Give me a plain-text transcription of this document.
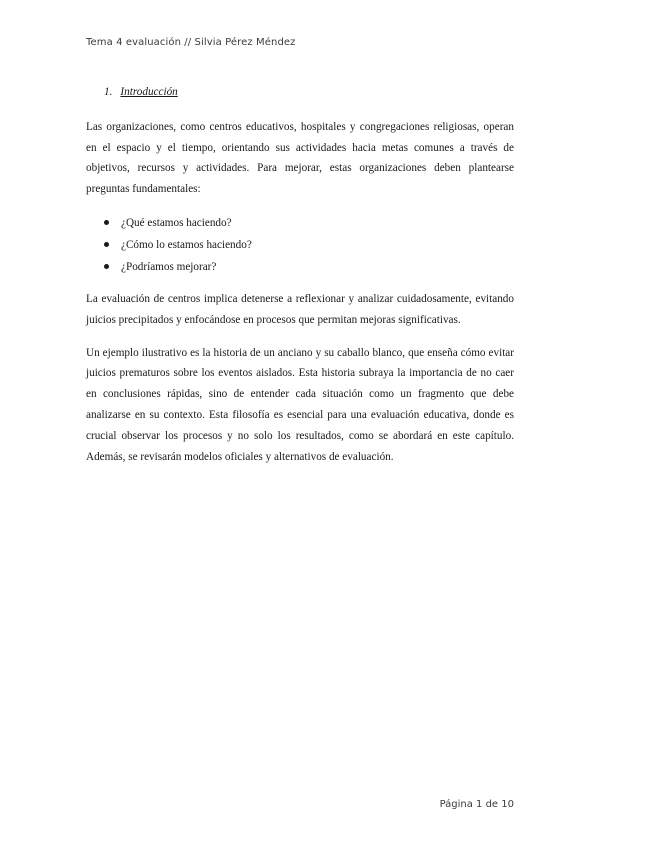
Tema 4 evaluación // Silvia Pérez Méndez
1. Introducción

Las organizaciones, como centros educativos, hospitales y congregaciones religiosas, operan en el espacio y el tiempo, orientando sus actividades hacia metas comunes a través de objetivos, recursos y actividades. Para mejorar, estas organizaciones deben plantearse preguntas fundamentales:

¿Qué estamos haciendo?
¿Cómo lo estamos haciendo?
¿Podríamos mejorar?

La evaluación de centros implica detenerse a reflexionar y analizar cuidadosamente, evitando juicios precipitados y enfocándose en procesos que permitan mejoras significativas.

Un ejemplo ilustrativo es la historia de un anciano y su caballo blanco, que enseña cómo evitar juicios prematuros sobre los eventos aislados. Esta historia subraya la importancia de no caer en conclusiones rápidas, sino de entender cada situación como un fragmento que debe analizarse en su contexto. Esta filosofía es esencial para una evaluación educativa, donde es crucial observar los procesos y no solo los resultados, como se abordará en este capítulo. Además, se revisarán modelos oficiales y alternativos de evaluación.

Página 1 de 10
